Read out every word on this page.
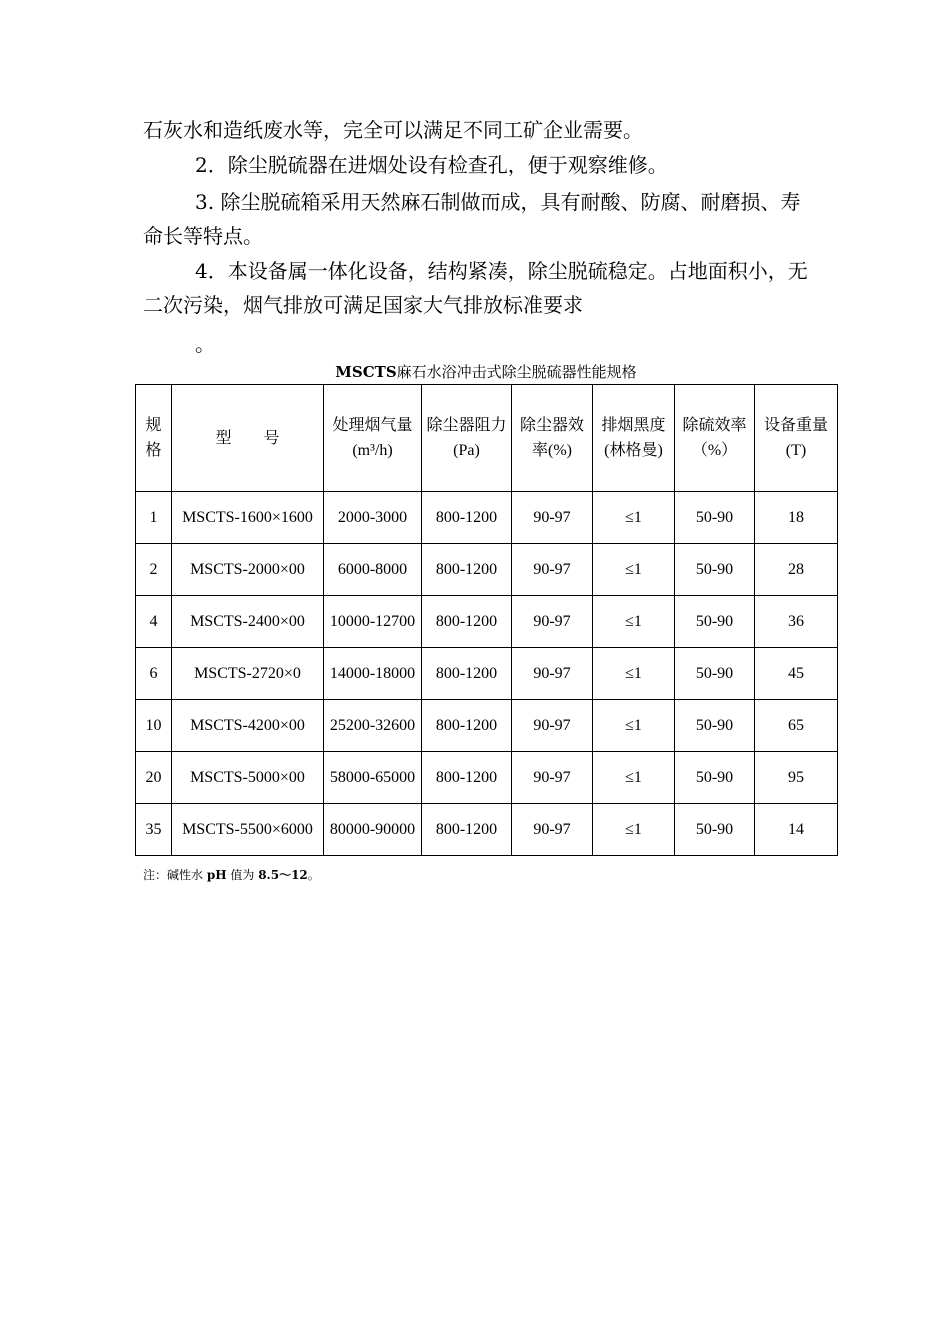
石灰水和造纸废水等，完全可以满足不同工矿企业需要。

2．除尘脱硫器在进烟处设有检查孔，便于观察维修。

3. 除尘脱硫箱采用天然麻石制做而成，具有耐酸、防腐、耐磨损、寿命长等特点。

4．本设备属一体化设备，结构紧凑，除尘脱硫稳定。占地面积小，无二次污染，烟气排放可满足国家大气排放标准要求

。

MSCTS麻石水浴冲击式除尘脱硫器性能规格
规格	型　　号	处理烟气量(m³/h)	除尘器阻力(Pa)	除尘器效率(%)	排烟黑度(林格曼)	除硫效率（%）	设备重量(T)
1	MSCTS-1600×1600	2000-3000	800-1200	90-97	≤1	50-90	18
2	MSCTS-2000×00	6000-8000	800-1200	90-97	≤1	50-90	28
4	MSCTS-2400×00	10000-12700	800-1200	90-97	≤1	50-90	36
6	MSCTS-2720×0	14000-18000	800-1200	90-97	≤1	50-90	45
10	MSCTS-4200×00	25200-32600	800-1200	90-97	≤1	50-90	65
20	MSCTS-5000×00	58000-65000	800-1200	90-97	≤1	50-90	95
35	MSCTS-5500×6000	80000-90000	800-1200	90-97	≤1	50-90	14
注：碱性水 pH 值为 8.5～12。
